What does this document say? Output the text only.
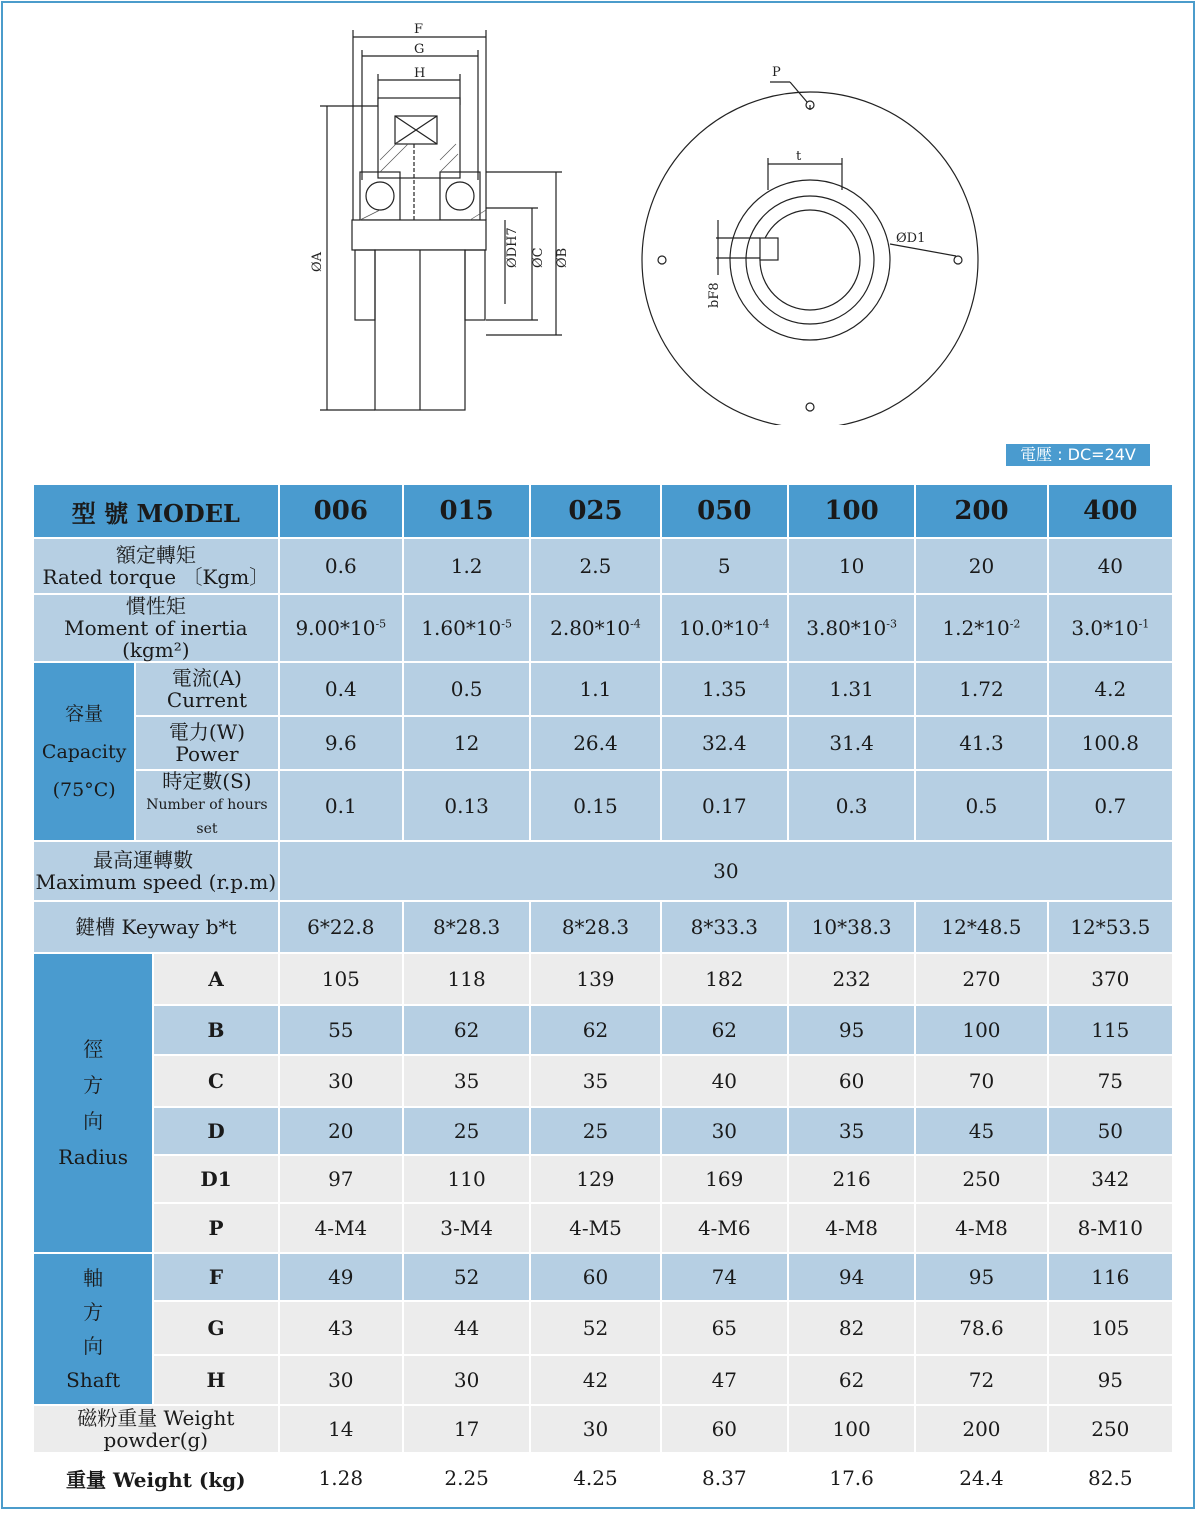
F
G
H
ØA	ØDH7 ØC ØB
t
P
ØD1
bF8
電壓 : DC=24V
型 號 MODEL			006	015	025	050	100	200	400
額定轉矩
Rated torque 〔Kgm〕			0.6	1.2	2.5	5	10	20	40
慣性矩
Moment of inertia (kgm²)			$9.00*10^{-5}$	$1.60*10^{-5}$	$2.80*10^{-4}$	$10.0*10^{-4}$	$3.80*10^{-3}$	$1.2*10^{-2}$	$3.0*10^{-1}$
容量
Capacity
(75°C)	電流(A)
Current		0.4	0.5	1.1	1.35	1.31	1.72	4.2
	電力(W)
Power		9.6	12	26.4	32.4	31.4	41.3	100.8
	時定數(S)
Number of hours set		0.1	0.13	0.15	0.17	0.3	0.5	0.7
最高運轉數
Maximum speed (r.p.m)			30						
鍵槽 Keyway b*t			6*22.8	8*28.3	8*28.3	8*33.3	10*38.3	12*48.5	12*53.5
徑
方
向
Radius		A	105	118	139	182	232	270	370
		B	55	62	62	62	95	100	115
		C	30	35	35	40	60	70	75
		D	20	25	25	30	35	45	50
		D1	97	110	129	169	216	250	342
		P	4-M4	3-M4	4-M5	4-M6	4-M8	4-M8	8-M10
軸
方
向
Shaft		F	49	52	60	74	94	95	116
		G	43	44	52	65	82	78.6	105
		H	30	30	42	47	62	72	95
磁粉重量 Weight powder(g)			14	17	30	60	100	200	250
重量 Weight (kg)			1.28	2.25	4.25	8.37	17.6	24.4	82.5
